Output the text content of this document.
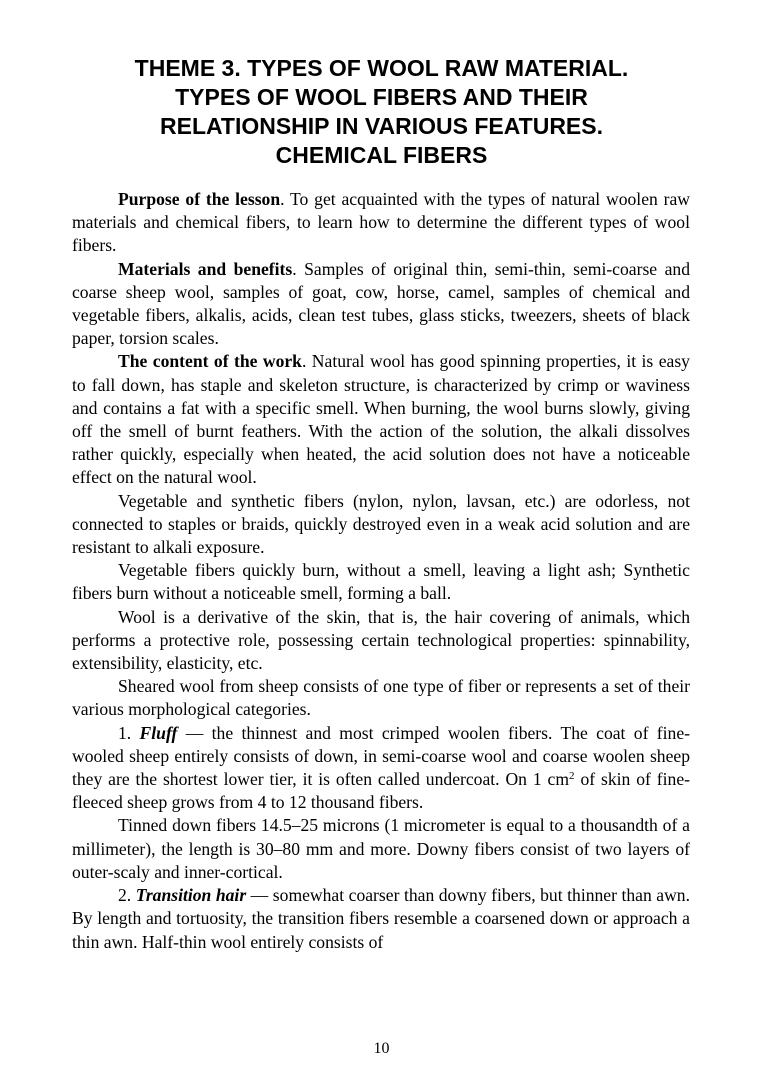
THEME 3. TYPES OF WOOL RAW MATERIAL.
TYPES OF WOOL FIBERS AND THEIR
RELATIONSHIP IN VARIOUS FEATURES.
CHEMICAL FIBERS

Purpose of the lesson. To get acquainted with the types of natural woolen raw materials and chemical fibers, to learn how to determine the different types of wool fibers.

Materials and benefits. Samples of original thin, semi-thin, semi-coarse and coarse sheep wool, samples of goat, cow, horse, camel, samples of chemical and vegetable fibers, alkalis, acids, clean test tubes, glass sticks, tweezers, sheets of black paper, torsion scales.

The content of the work. Natural wool has good spinning properties, it is easy to fall down, has staple and skeleton structure, is characterized by crimp or waviness and contains a fat with a specific smell. When burning, the wool burns slowly, giving off the smell of burnt feathers. With the action of the solution, the alkali dissolves rather quickly, especially when heated, the acid solution does not have a noticeable effect on the natural wool.

Vegetable and synthetic fibers (nylon, nylon, lavsan, etc.) are odorless, not connected to staples or braids, quickly destroyed even in a weak acid solution and are resistant to alkali exposure.

Vegetable fibers quickly burn, without a smell, leaving a light ash; Synthetic fibers burn without a noticeable smell, forming a ball.

Wool is a derivative of the skin, that is, the hair covering of animals, which performs a protective role, possessing certain technological properties: spinnability, extensibility, elasticity, etc.

Sheared wool from sheep consists of one type of fiber or represents a set of their various morphological categories.

1. Fluff — the thinnest and most crimped woolen fibers. The coat of fine-wooled sheep entirely consists of down, in semi-coarse wool and coarse woolen sheep they are the shortest lower tier, it is often called undercoat. On 1 $cm^2$ of skin of fine-fleeced sheep grows from 4 to 12 thousand fibers.

Tinned down fibers 14.5–25 microns (1 micrometer is equal to a thousandth of a millimeter), the length is 30–80 mm and more. Downy fibers consist of two layers of outer-scaly and inner-cortical.

2. Transition hair — somewhat coarser than downy fibers, but thinner than awn. By length and tortuosity, the transition fibers resemble a coarsened down or approach a thin awn. Half-thin wool entirely consists of

10
